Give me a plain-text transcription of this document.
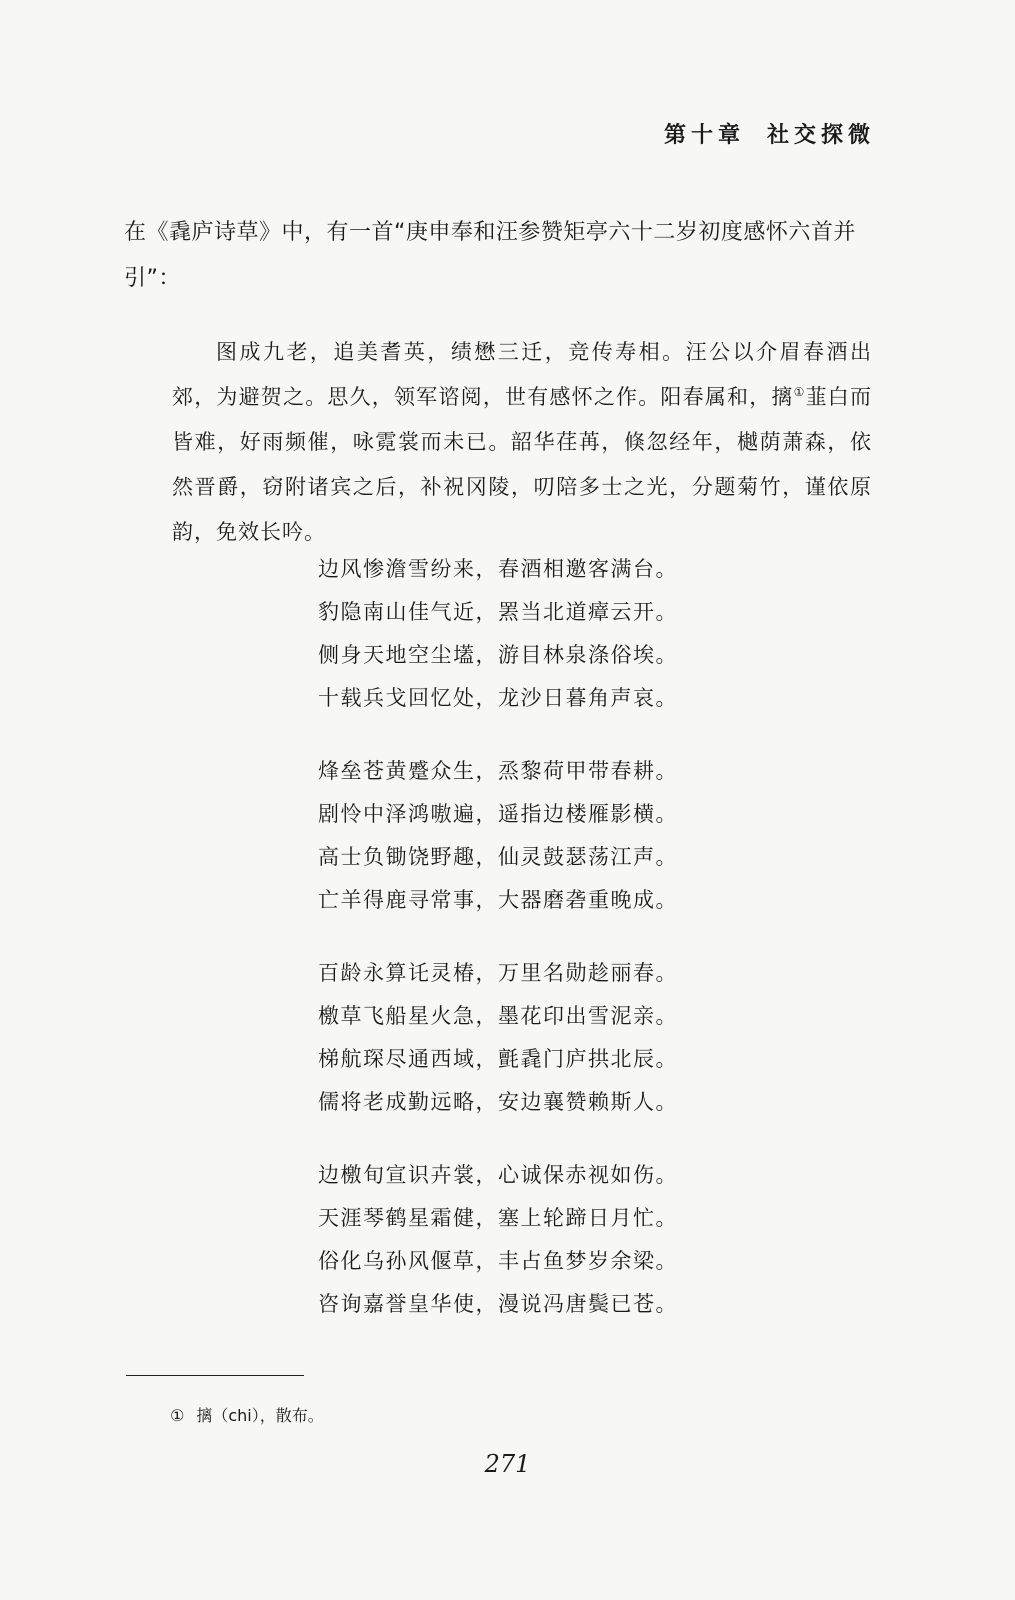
第十章 社交探微

在《毳庐诗草》中，有一首“庚申奉和汪参赞矩亭六十二岁初度感怀六首并引”：

图成九老，追美耆英，绩懋三迁，竞传寿相。汪公以介眉春酒出郊，为避贺之。思久，领军谘阅，世有感怀之作。阳春属和，摛①韮白而皆难，好雨频催，咏霓裳而未已。韶华荏苒，倏忽经年，樾荫萧森，依然晋爵，窃附诸宾之后，补祝冈陵，叨陪多士之光，分题菊竹，谨依原韵，免效长吟。

边风惨澹雪纷来，春酒相邀客满台。

豹隐南山佳气近，罴当北道瘴云开。

侧身天地空尘壒，游目林泉涤俗埃。

十载兵戈回忆处，龙沙日暮角声哀。

烽垒苍黄蹙众生，烝黎荷甲带春耕。

剧怜中泽鸿嗷遍，遥指边楼雁影横。

高士负锄饶野趣，仙灵鼓瑟荡江声。

亡羊得鹿寻常事，大器磨砻重晚成。

百龄永算讬灵椿，万里名勋趁丽春。

檄草飞船星火急，墨花印出雪泥亲。

梯航琛尽通西域，氈毳门庐拱北辰。

儒将老成勤远略，安边襄赞赖斯人。

边檄旬宣识卉裳，心诚保赤视如伤。

天涯琴鹤星霜健，塞上轮蹄日月忙。

俗化乌孙风偃草，丰占鱼梦岁余梁。

咨询嘉誉皇华使，漫说冯唐鬓已苍。

① 摛（chi），散布。
271
